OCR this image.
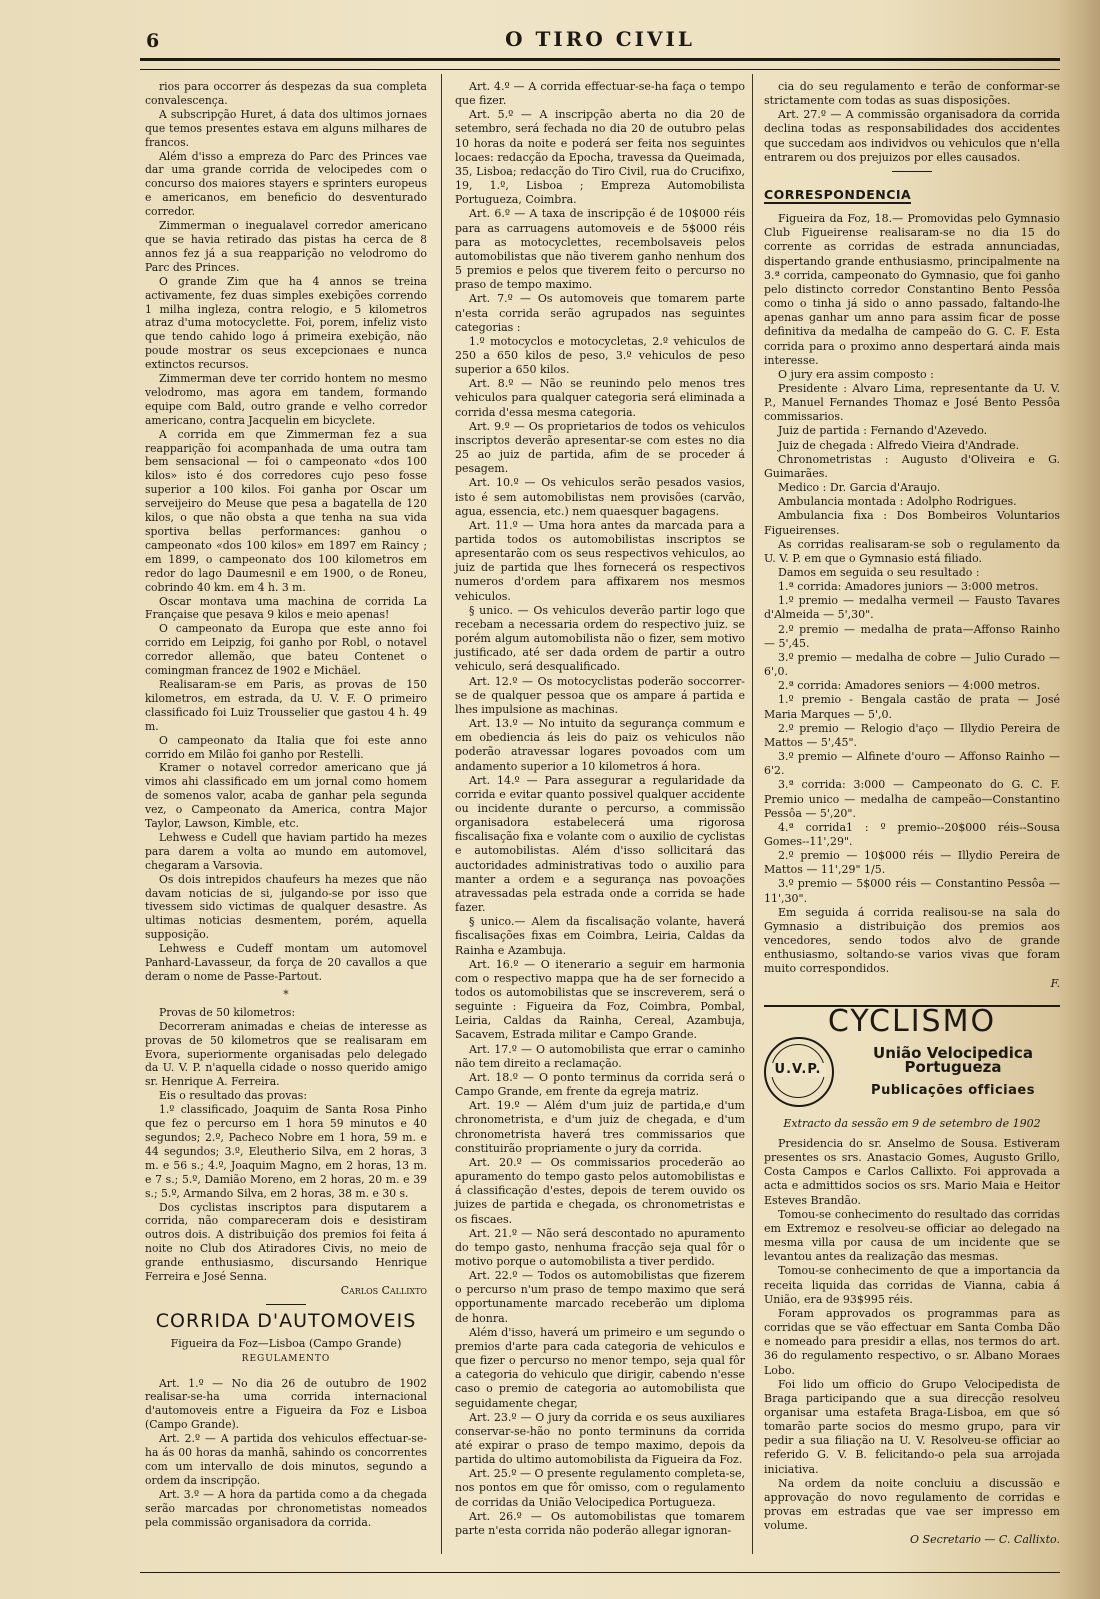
6	O TIRO CIVIL

rios para occorrer ás despezas da sua completa convalescença.

A subscripção Huret, á data dos ultimos jornaes que temos presentes estava em alguns milhares de francos.

Além d'isso a empreza do Parc des Princes vae dar uma grande corrida de velocipedes com o concurso dos maiores stayers e sprinters europeus e americanos, em beneficio do desventurado corredor.

Zimmerman o inegualavel corredor americano que se havia retirado das pistas ha cerca de 8 annos fez já a sua reapparição no velodromo do Parc des Princes.

O grande Zim que ha 4 annos se treina activamente, fez duas simples exebições correndo 1 milha ingleza, contra relogio, e 5 kilometros atraz d'uma motocyclette. Foi, porem, infeliz visto que tendo cahido logo á primeira exebição, não poude mostrar os seus excepcionaes e nunca extinctos recursos.

Zimmerman deve ter corrido hontem no mesmo velodromo, mas agora em tandem, formando equipe com Bald, outro grande e velho corredor americano, contra Jacquelin em bicyclete.

A corrida em que Zimmerman fez a sua reapparição foi acompanhada de uma outra tam bem sensacional — foi o campeonato «dos 100 kilos» isto é dos corredores cujo peso fosse superior a 100 kilos. Foi ganha por Oscar um serveijeiro do Meuse que pesa a bagatella de 120 kilos, o que não obsta a que tenha na sua vida sportiva bellas performances: ganhou o campeonato «dos 100 kilos» em 1897 em Raincy ; em 1899, o campeonato dos 100 kilometros em redor do lago Daumesnil e em 1900, o de Roneu, cobrindo 40 km. em 4 h. 3 m.

Oscar montava uma machina de corrida La Française que pesava 9 kilos e meio apenas!

O campeonato da Europa que este anno foi corrido em Leipzig, foi ganho por Robl, o notavel corredor allemão, que bateu Contenet o comingman francez de 1902 e Michäel.

Realisaram-se em Paris, as provas de 150 kilometros, em estrada, da U. V. F. O primeiro classificado foi Luiz Trousselier que gastou 4 h. 49 m.

O campeonato da Italia que foi este anno corrido em Milão foi ganho por Restelli.

Kramer o notavel corredor americano que já vimos ahi classificado em um jornal como homem de somenos valor, acaba de ganhar pela segunda vez, o Campeonato da America, contra Major Taylor, Lawson, Kimble, etc.

Lehwess e Cudell que haviam partido ha mezes para darem a volta ao mundo em automovel, chegaram a Varsovia.

Os dois intrepidos chaufeurs ha mezes que não davam noticias de si, julgando-se por isso que tivessem sido victimas de qualquer desastre. As ultimas noticias desmentem, porém, aquella supposição.

Lehwess e Cudeff montam um automovel Panhard-Lavasseur, da força de 20 cavallos a que deram o nome de Passe-Partout.

*

Provas de 50 kilometros:

Decorreram animadas e cheias de interesse as provas de 50 kilometros que se realisaram em Evora, superiormente organisadas pelo delegado da U. V. P. n'aquella cidade o nosso querido amigo sr. Henrique A. Ferreira.

Eis o resultado das provas:

1.º classificado, Joaquim de Santa Rosa Pinho que fez o percurso em 1 hora 59 minutos e 40 segundos; 2.º, Pacheco Nobre em 1 hora, 59 m. e 44 segundos; 3.º, Eleutherio Silva, em 2 horas, 3 m. e 56 s.; 4.º, Joaquim Magno, em 2 horas, 13 m. e 7 s.; 5.º, Damião Moreno, em 2 horas, 20 m. e 39 s.; 5.º, Armando Silva, em 2 horas, 38 m. e 30 s.

Dos cyclistas inscriptos para disputarem a corrida, não compareceram dois e desistiram outros dois. A distribuição dos premios foi feita á noite no Club dos Atiradores Civis, no meio de grande enthusiasmo, discursando Henrique Ferreira e José Senna.

Carlos Callixto

CORRIDA D'AUTOMOVEIS
Figueira da Foz—Lisboa (Campo Grande)
REGULAMENTO

Art. 1.º — No dia 26 de outubro de 1902 realisar-se-ha uma corrida internacional d'automoveis entre a Figueira da Foz e Lisboa (Campo Grande).

Art. 2.º — A partida dos vehiculos effectuar-se-ha ás 00 horas da manhã, sahindo os concorrentes com um intervallo de dois minutos, segundo a ordem da inscripção.

Art. 3.º — A hora da partida como a da chegada serão marcadas por chronometistas nomeados pela commissão organisadora da corrida.

Art. 4.º — A corrida effectuar-se-ha faça o tempo que fizer.

Art. 5.º — A inscripção aberta no dia 20 de setembro, será fechada no dia 20 de outubro pelas 10 horas da noite e poderá ser feita nos seguintes locaes: redacção da Epocha, travessa da Queimada, 35, Lisboa; redacção do Tiro Civil, rua do Crucifixo, 19, 1.º, Lisboa ; Empreza Automobilista Portugueza, Coimbra.

Art. 6.º — A taxa de inscripção é de 10$000 réis para as carruagens automoveis e de 5$000 réis para as motocyclettes, recembolsaveis pelos automobilistas que não tiverem ganho nenhum dos 5 premios e pelos que tiverem feito o percurso no praso de tempo maximo.

Art. 7.º — Os automoveis que tomarem parte n'esta corrida serão agrupados nas seguintes categorias :

1.º motocyclos e motocycletas, 2.º vehiculos de 250 a 650 kilos de peso, 3.º vehiculos de peso superior a 650 kilos.

Art. 8.º — Não se reunindo pelo menos tres vehiculos para qualquer categoria será eliminada a corrida d'essa mesma categoria.

Art. 9.º — Os proprietarios de todos os vehiculos inscriptos deverão apresentar-se com estes no dia 25 ao juiz de partida, afim de se proceder á pesagem.

Art. 10.º — Os vehiculos serão pesados vasios, isto é sem automobilistas nem provisões (carvão, agua, essencia, etc.) nem quaesquer bagagens.

Art. 11.º — Uma hora antes da marcada para a partida todos os automobilistas inscriptos se apresentarão com os seus respectivos vehiculos, ao juiz de partida que lhes fornecerá os respectivos numeros d'ordem para affixarem nos mesmos vehiculos.

§ unico. — Os vehiculos deverão partir logo que recebam a necessaria ordem do respectivo juiz. se porém algum automobilista não o fizer, sem motivo justificado, até ser dada ordem de partir a outro vehiculo, será desqualificado.

Art. 12.º — Os motocyclistas poderão soccorrer-se de qualquer pessoa que os ampare á partida e lhes impulsione as machinas.

Art. 13.º — No intuito da segurança commum e em obediencia ás leis do paiz os vehiculos não poderão atravessar logares povoados com um andamento superior a 10 kilometros á hora.

Art. 14.º — Para assegurar a regularidade da corrida e evitar quanto possivel qualquer accidente ou incidente durante o percurso, a commissão organisadora estabelecerá uma rigorosa fiscalisação fixa e volante com o auxilio de cyclistas e automobilistas. Além d'isso sollicitará das auctoridades administrativas todo o auxilio para manter a ordem e a segurança nas povoações atravessadas pela estrada onde a corrida se hade fazer.

§ unico.— Alem da fiscalisação volante, haverá fiscalisações fixas em Coimbra, Leiria, Caldas da Rainha e Azambuja.

Art. 16.º — O itenerario a seguir em harmonia com o respectivo mappa que ha de ser fornecido a todos os automobilistas que se inscreverem, será o seguinte : Figueira da Foz, Coimbra, Pombal, Leiria, Caldas da Rainha, Cereal, Azambuja, Sacavem, Estrada militar e Campo Grande.

Art. 17.º — O automobilista que errar o caminho não tem direito a reclamação.

Art. 18.º — O ponto terminus da corrida será o Campo Grande, em frente da egreja matriz.

Art. 19.º — Além d'um juiz de partida,e d'um chronometrista, e d'um juiz de chegada, e d'um chronometrista haverá tres commissarios que constituirão propriamente o jury da corrida.

Art. 20.º — Os commissarios procederão ao apuramento do tempo gasto pelos automobilistas e á classificação d'estes, depois de terem ouvido os juizes de partida e chegada, os chronometristas e os fiscaes.

Art. 21.º — Não será descontado no apuramento do tempo gasto, nenhuma fracção seja qual fôr o motivo porque o automobilista a tiver perdido.

Art. 22.º — Todos os automobilistas que fizerem o percurso n'um praso de tempo maximo que será opportunamente marcado receberão um diploma de honra.

Além d'isso, haverá um primeiro e um segundo o premios d'arte para cada categoria de vehiculos e que fizer o percurso no menor tempo, seja qual fôr a categoria do vehiculo que dirigir, cabendo n'esse caso o premio de categoria ao automobilista que seguidamente chegar,

Art. 23.º — O jury da corrida e os seus auxiliares conservar-se-hão no ponto terminuns da corrida até expirar o praso de tempo maximo, depois da partida do ultimo automobilista da Figueira da Foz.

Art. 25.º — O presente regulamento completa-se, nos pontos em que fôr omisso, com o regulamento de corridas da União Velocipedica Portugueza.

Art. 26.º — Os automobilistas que tomarem parte n'esta corrida não poderão allegar ignoran-

cia do seu regulamento e terão de conformar-se strictamente com todas as suas disposições.

Art. 27.º — A commissão organisadora da corrida declina todas as responsabilidades dos accidentes que succedam aos individvos ou vehiculos que n'ella entrarem ou dos prejuizos por elles causados.

CORRESPONDENCIA

Figueira da Foz, 18.— Promovidas pelo Gymnasio Club Figueirense realisaram-se no dia 15 do corrente as corridas de estrada annunciadas, dispertando grande enthusiasmo, principalmente na 3.ª corrida, campeonato do Gymnasio, que foi ganho pelo distincto corredor Constantino Bento Pessôa como o tinha já sido o anno passado, faltando-lhe apenas ganhar um anno para assim ficar de posse definitiva da medalha de campeão do G. C. F. Esta corrida para o proximo anno despertará ainda mais interesse.

O jury era assim composto :

Presidente : Alvaro Lima, representante da U. V. P., Manuel Fernandes Thomaz e José Bento Pessôa commissarios.

Juiz de partida : Fernando d'Azevedo.

Juiz de chegada : Alfredo Vieira d'Andrade.

Chronometristas : Augusto d'Oliveira e G. Guimarães.

Medico : Dr. Garcia d'Araujo.

Ambulancia montada : Adolpho Rodrigues.

Ambulancia fixa : Dos Bombeiros Voluntarios Figueirenses.

As corridas realisaram-se sob o regulamento da U. V. P. em que o Gymnasio está filiado.

Damos em seguida o seu resultado :

1.ª corrida: Amadores juniors — 3:000 metros.

1.º premio — medalha vermeil — Fausto Tavares d'Almeida — 5',30".

2.º premio — medalha de prata—Affonso Rainho — 5',45.

3.º premio — medalha de cobre — Julio Curado — 6',0.

2.ª corrida: Amadores seniors — 4:000 metros.

1.º premio - Bengala castão de prata — José Maria Marques — 5',0.

2.º premio — Relogio d'aço — Illydio Pereira de Mattos — 5',45".

3.º premio — Alfinete d'ouro — Affonso Rainho — 6'2.

3.ª corrida: 3:000 — Campeonato do G. C. F. Premio unico — medalha de campeão—Constantino Pessôa — 5',20".

4.ª corrida1 : º premio--20$000 réis--Sousa Gomes--11',29".

2.º premio — 10$000 réis — Illydio Pereira de Mattos — 11',29" 1/5.

3.º premio — 5$000 réis — Constantino Pessôa — 11',30".

Em seguida á corrida realisou-se na sala do Gymnasio a distribuição dos premios aos vencedores, sendo todos alvo de grande enthusiasmo, soltando-se varios vivas que foram muito correspondidos.

F.

CYCLISMO
U.V.P.
União Velocipedica Portugueza
Publicações officiaes
Extracto da sessão em 9 de setembro de 1902

Presidencia do sr. Anselmo de Sousa. Estiveram presentes os srs. Anastacio Gomes, Augusto Grillo, Costa Campos e Carlos Callixto. Foi approvada a acta e admittidos socios os srs. Mario Maia e Heitor Esteves Brandão.

Tomou-se conhecimento do resultado das corridas em Extremoz e resolveu-se officiar ao delegado na mesma villa por causa de um incidente que se levantou antes da realização das mesmas.

Tomou-se conhecimento de que a importancia da receita liquida das corridas de Vianna, cabia á União, era de 93$995 réis.

Foram approvados os programmas para as corridas que se vão effectuar em Santa Comba Dão e nomeado para presidir a ellas, nos termos do art. 36 do regulamento respectivo, o sr. Albano Moraes Lobo.

Foi lido um officio do Grupo Velocipedista de Braga participando que a sua direcção resolveu organisar uma estafeta Braga-Lisboa, em que só tomarão parte socios do mesmo grupo, para vir pedir a sua filiação na U. V. Resolveu-se officiar ao referido G. V. B. felicitando-o pela sua arrojada iniciativa.

Na ordem da noite concluiu a discussão e approvação do novo regulamento de corridas e provas em estradas que vae ser impresso em volume.

O Secretario — C. Callixto.
